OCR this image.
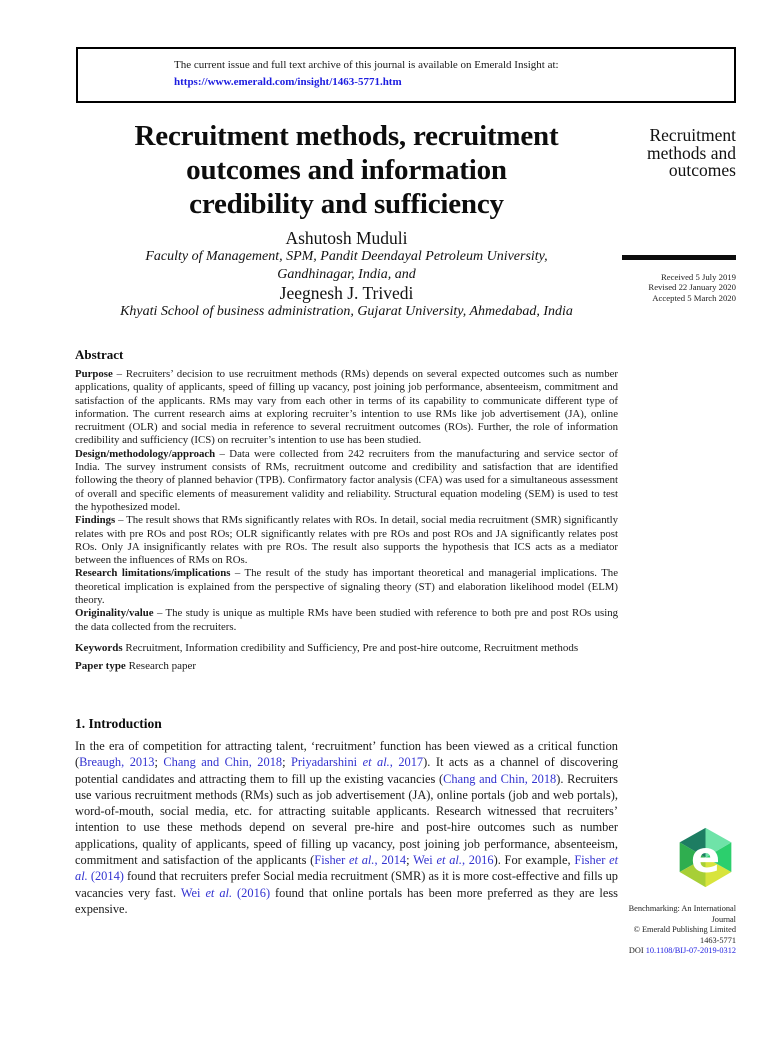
The current issue and full text archive of this journal is available on Emerald Insight at:
https://www.emerald.com/insight/1463-5771.htm
Recruitment methods, recruitment
outcomes and information
credibility and sufficiency
Ashutosh Muduli
Faculty of Management, SPM, Pandit Deendayal Petroleum University,
Gandhinagar, India, and
Jeegnesh J. Trivedi
Khyati School of business administration, Gujarat University, Ahmedabad, India
Recruitment
methods and
outcomes
Received 5 July 2019
Revised 22 January 2020
Accepted 5 March 2020
Abstract

Purpose – Recruiters’ decision to use recruitment methods (RMs) depends on several expected outcomes such as number applications, quality of applicants, speed of filling up vacancy, post joining job performance, absenteeism, commitment and satisfaction of the applicants. RMs may vary from each other in terms of its capability to communicate different type of information. The current research aims at exploring recruiter’s intention to use RMs like job advertisement (JA), online recruitment (OLR) and social media in reference to several recruitment outcomes (ROs). Further, the role of information credibility and sufficiency (ICS) on recruiter’s intention to use has been studied.

Design/methodology/approach – Data were collected from 242 recruiters from the manufacturing and service sector of India. The survey instrument consists of RMs, recruitment outcome and credibility and satisfaction that are identified following the theory of planned behavior (TPB). Confirmatory factor analysis (CFA) was used for a simultaneous assessment of overall and specific elements of measurement validity and reliability. Structural equation modeling (SEM) is used to test the hypothesized model.

Findings – The result shows that RMs significantly relates with ROs. In detail, social media recruitment (SMR) significantly relates with pre ROs and post ROs; OLR significantly relates with pre ROs and post ROs and JA significantly relates post ROs. Only JA insignificantly relates with pre ROs. The result also supports the hypothesis that ICS acts as a mediator between the influences of RMs on ROs.

Research limitations/implications – The result of the study has important theoretical and managerial implications. The theoretical implication is explained from the perspective of signaling theory (ST) and elaboration likelihood model (ELM) theory.

Originality/value – The study is unique as multiple RMs have been studied with reference to both pre and post ROs using the data collected from the recruiters.

Keywords Recruitment, Information credibility and Sufficiency, Pre and post-hire outcome, Recruitment methods

Paper type Research paper

1. Introduction

In the era of competition for attracting talent, ‘recruitment’ function has been viewed as a critical function (Breaugh, 2013; Chang and Chin, 2018; Priyadarshini et al., 2017). It acts as a channel of discovering potential candidates and attracting them to fill up the existing vacancies (Chang and Chin, 2018). Recruiters use various recruitment methods (RMs) such as job advertisement (JA), online portals (job and web portals), word-of-mouth, social media, etc. for attracting suitable applicants. Research witnessed that recruiters’ intention to use these methods depend on several pre-hire and post-hire outcomes such as number applications, quality of applicants, speed of filling up vacancy, post joining job performance, absenteeism, commitment and satisfaction of the applicants (Fisher et al., 2014; Wei et al., 2016). For example, Fisher et al. (2014) found that recruiters prefer Social media recruitment (SMR) as it is more cost-effective and fills up vacancies very fast. Wei et al. (2016) found that online portals has been more preferred as they are less expensive.

e
Benchmarking: An International
Journal
© Emerald Publishing Limited
1463-5771
DOI 10.1108/BIJ-07-2019-0312
